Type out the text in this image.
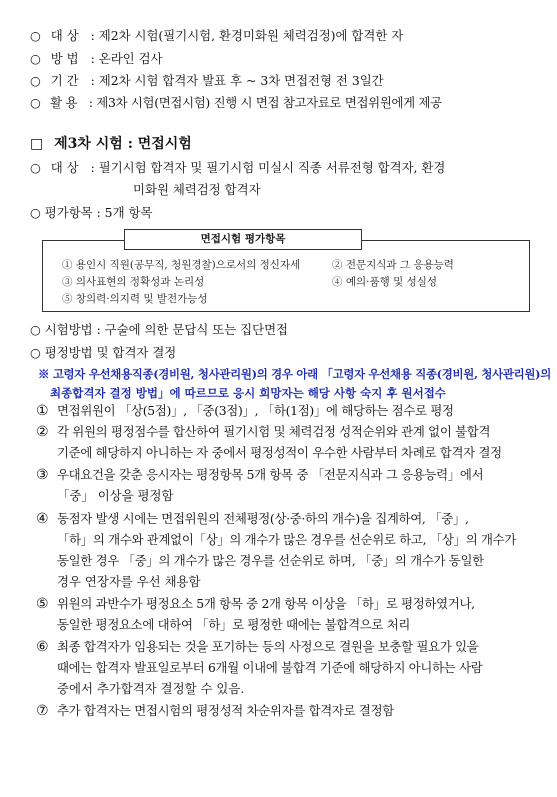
○ 대 상 : 제2차 시험(필기시험, 환경미화원 체력검정)에 합격한 자
○ 방 법 : 온라인 검사
○ 기 간 : 제2차 시험 합격자 발표 후 ~ 3차 면접전형 전 3일간
○ 활 용 : 제3차 시험(면접시험) 진행 시 면접 참고자료로 면접위원에게 제공
□ 제3차 시험 : 면접시험
○ 대 상 : 필기시험 합격자 및 필기시험 미실시 직종 서류전형 합격자, 환경
미화원 체력검정 합격자
○ 평가항목 : 5개 항목
면접시험 평가항목
① 용인시 직원(공무직, 청원경찰)으로서의 정신자세	② 전문지식과 그 응용능력
③ 의사표현의 정확성과 논리성	④ 예의·품행 및 성실성
⑤ 창의력·의지력 및 발전가능성
○ 시험방법 : 구술에 의한 문답식 또는 집단면접
○ 평정방법 및 합격자 결정
※ 고령자 우선채용직종(경비원, 청사관리원)의 경우 아래 「고령자 우선채용 직종(경비원, 청사관리원)의
최종합격자 결정 방법」에 따르므로 응시 희망자는 해당 사항 숙지 후 원서접수
① 면접위원이 「상(5점)」, 「중(3점)」, 「하(1점)」에 해당하는 점수로 평정
② 각 위원의 평정점수를 합산하여 필기시험 및 체력검정 성적순위와 관계 없이 불합격
기준에 해당하지 아니하는 자 중에서 평정성적이 우수한 사람부터 차례로 합격자 결정
③ 우대요건을 갖춘 응시자는 평정항목 5개 항목 중 「전문지식과 그 응용능력」에서
「중」 이상을 평정함
④ 동점자 발생 시에는 면접위원의 전체평정(상·중·하의 개수)을 집계하여, 「중」,
「하」의 개수와 관계없이「상」의 개수가 많은 경우를 선순위로 하고, 「상」의 개수가
동일한 경우 「중」의 개수가 많은 경우를 선순위로 하며, 「중」의 개수가 동일한
경우 연장자를 우선 채용함
⑤ 위원의 과반수가 평정요소 5개 항목 중 2개 항목 이상을 「하」로 평정하였거나,
동일한 평정요소에 대하여 「하」로 평정한 때에는 불합격으로 처리
⑥ 최종 합격자가 임용되는 것을 포기하는 등의 사정으로 결원을 보충할 필요가 있을
때에는 합격자 발표일로부터 6개월 이내에 불합격 기준에 해당하지 아니하는 사람
중에서 추가합격자 결정할 수 있음.
⑦ 추가 합격자는 면접시험의 평정성적 차순위자를 합격자로 결정함
